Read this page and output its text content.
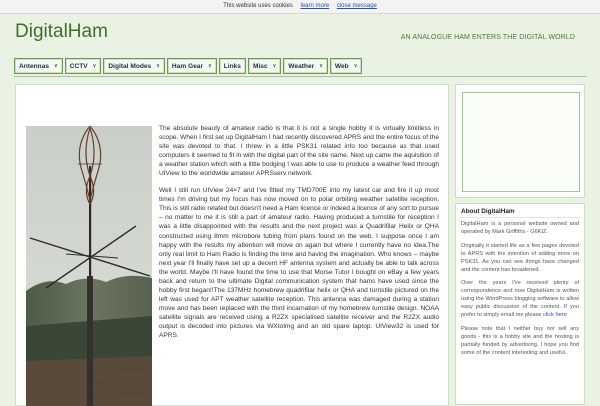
This website uses cookies learn more close message
DigitalHam	AN ANALOGUE HAM ENTERS THE DIGITAL WORLD
Antennas ∨ CCTV ∨ Digital Modes ∨ Ham Gear ∨ Links Misc ∨ Weather ∨ Web ∨

The absolute beauty of amateur radio is that it is not a single hobby it is virtually limitless in scope. When I first set up DigitalHam I had recently discovered APRS and the entire focus of the site was devoted to that. I threw in a little PSK31 related info too because as that used computers it seemed to fit in with the digital part of the site name. Next up came the aquisition of a weather station which with a little bodging I was able to use to produce a weather feed through UIView to the worldwide amateur APRSserv network.

Well I still run UIView 24×7 and I've fitted my TMD700E into my latest car and fire it up most times I'm driving but my focus has now moved on to polar orbiting weather satellite reception. This is still radio related but doesn't need a Ham licence or indeed a licence of any sort to pursue – no matter to me it is still a part of amateur radio. Having produced a turnstile for reception I was a little disappointed with the results and the next project was a Quadrifilar Helix or QHA constructed using 8mm microbore tubing from plans found on the web. I suppose once I am happy with the results my attention will move on again but where I currently have no idea.The only real limit to Ham Radio is finding the time and having the imagination. Who knows – maybe next year I'll finally have set up a decent HF antenna system and actually be able to talk across the world. Maybe I'll have found the time to use that Morse Tutor I bought on eBay a few years back and return to the ultimate Digital communication system that hams have used since the hobby first began!!The 137MHz homebrew quadrifilar helix or QHA and turnstile pictured on the left was used for APT weather satellite reception. This antenna was damaged during a station move and has been replaced with the third incarnation of my homebrew turnstile design. NOAA satellite signals are received using a R2ZX specialised satellite receiver and the R2ZX audio output is decoded into pictures via WXtoImg and an old spare laptop. UIView32 is used for APRS.

About DigitalHam

DigitalHam is a personal website owned and operated by Mark Griffiths - G6KIZ.

Originally it started life as a few pages devoted to APRS with the intention of adding more on PSK31. As you can see things have changed and the content has broadened.

Over the years I've received plenty of correspondence and now DigitalHam is written using the WordPress blogging software to allow easy public discussion of the content. If you prefer to simply email me please click here

Please note that I neither buy nor sell any goods - this is a hobby site and the hosting is partially funded by advertising. I hope you find some of the content interesting and useful.
